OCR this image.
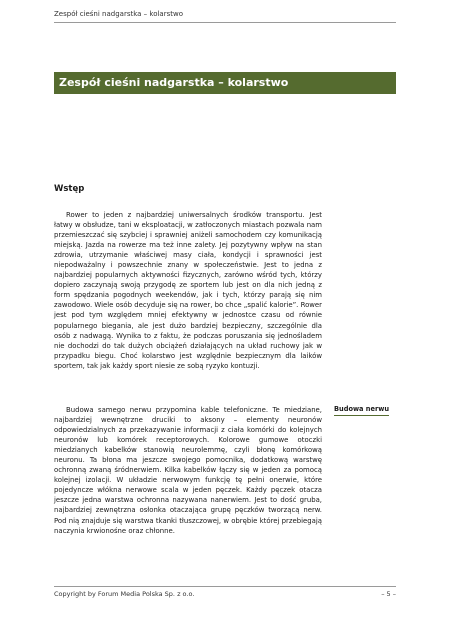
Zespół cieśni nadgarstka – kolarstwo
Zespół cieśni nadgarstka – kolarstwo
Wstęp

Rower to jeden z najbardziej uniwersalnych środków transportu. Jest łatwy w obsłudze, tani w eksploatacji, w zatłoczonych miastach pozwala nam przemieszczać się szybciej i sprawniej aniżeli samochodem czy komunikacją miejską. Jazda na rowerze ma też inne zalety. Jej pozytywny wpływ na stan zdrowia, utrzymanie właściwej masy ciała, kondycji i sprawności jest niepodważalny i powszechnie znany w społeczeństwie. Jest to jedna z najbardziej popularnych aktywności fizycznych, zarówno wśród tych, którzy dopiero zaczynają swoją przygodę ze sportem lub jest on dla nich jedną z form spędzania pogodnych weekendów, jak i tych, którzy parają się nim zawodowo. Wiele osób decyduje się na rower, bo chce „spalić kalorie”. Rower jest pod tym względem mniej efektywny w jednostce czasu od równie popularnego biegania, ale jest dużo bardziej bezpieczny, szczególnie dla osób z nadwagą. Wynika to z faktu, że podczas poruszania się jednośladem nie dochodzi do tak dużych obciążeń działających na układ ruchowy jak w przypadku biegu. Choć kolarstwo jest względnie bezpiecznym dla laików sportem, tak jak każdy sport niesie ze sobą ryzyko kontuzji.

Budowa samego nerwu przypomina kable telefoniczne. Te miedziane, najbardziej wewnętrzne druciki to aksony – elementy neuronów odpowiedzialnych za przekazywanie informacji z ciała komórki do kolejnych neuronów lub komórek receptorowych. Kolorowe gumowe otoczki miedzianych kabelków stanowią neurolemmę, czyli błonę komórkową neuronu. Ta błona ma jeszcze swojego pomocnika, dodatkową warstwę ochronną zwaną śródnerwiem. Kilka kabelków łączy się w jeden za pomocą kolejnej izolacji. W układzie nerwowym funkcję tę pełni onerwie, które pojedyncze włókna nerwowe scala w jeden pęczek. Każdy pęczek otacza jeszcze jedna warstwa ochronna nazywana nanerwiem. Jest to dość gruba, najbardziej zewnętrzna osłonka otaczająca grupę pęczków tworzącą nerw. Pod nią znajduje się warstwa tkanki tłuszczowej, w obrębie której przebiegają naczynia krwionośne oraz chłonne.

Budowa nerwu
Copyright by Forum Media Polska Sp. z o.o.	– 5 –
